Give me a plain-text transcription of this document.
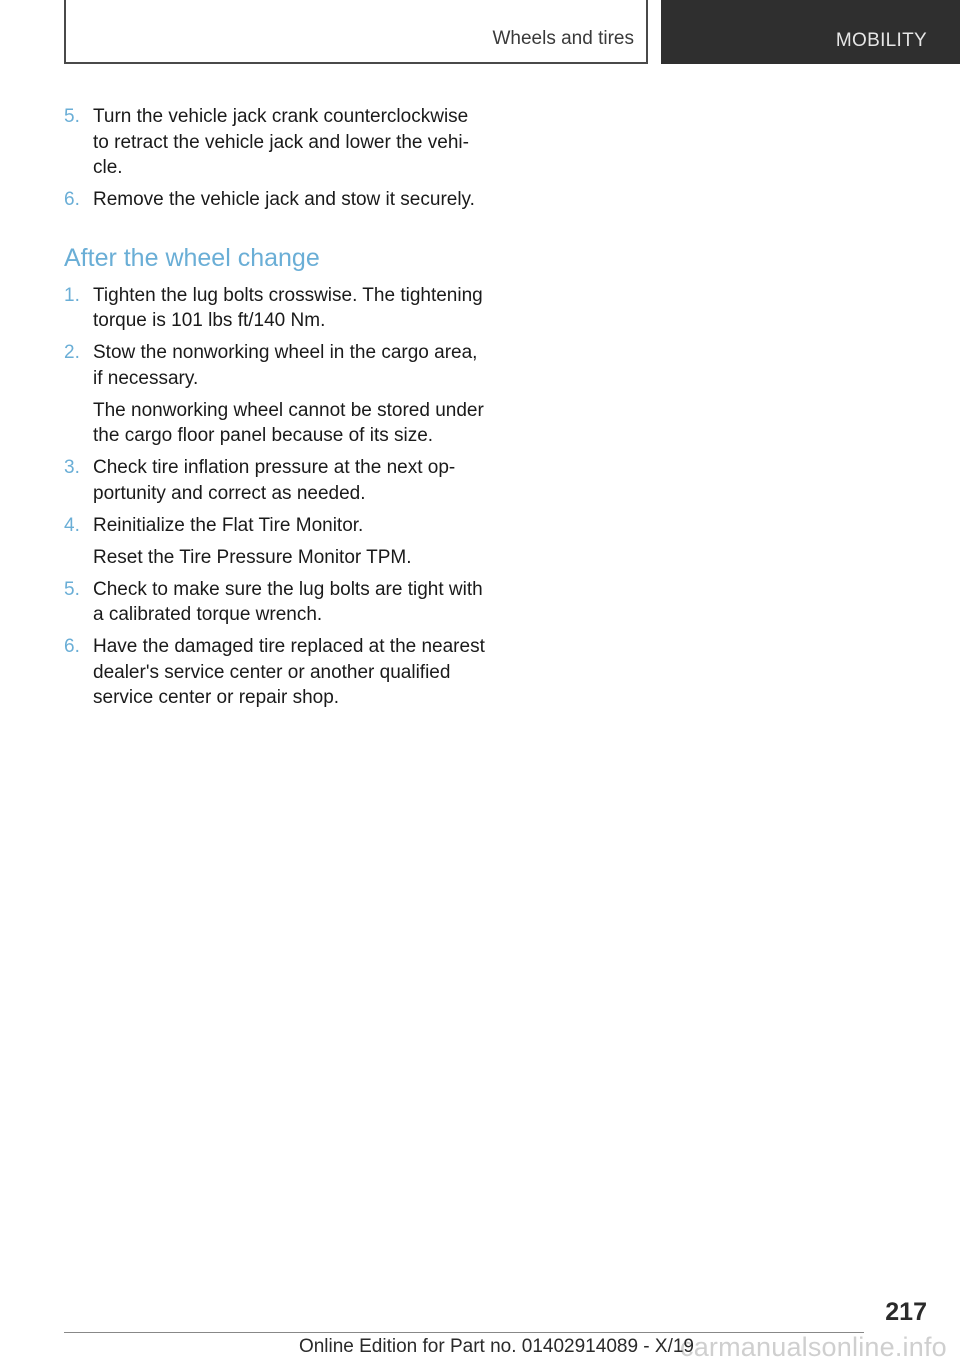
Wheels and tires	MOBILITY
5. Turn the vehicle jack crank counterclockwise to retract the vehicle jack and lower the vehicle.

6. Remove the vehicle jack and stow it securely.

After the wheel change
1. Tighten the lug bolts crosswise. The tightening torque is 101 lbs ft/140 Nm.

2. Stow the nonworking wheel in the cargo area, if necessary.

The nonworking wheel cannot be stored under the cargo floor panel because of its size.

3. Check tire inflation pressure at the next opportunity and correct as needed.

4. Reinitialize the Flat Tire Monitor.

Reset the Tire Pressure Monitor TPM.

5. Check to make sure the lug bolts are tight with a calibrated torque wrench.

6. Have the damaged tire replaced at the nearest dealer's service center or another qualified service center or repair shop.

217
carmanualsonline.info
Online Edition for Part no. 01402914089 - X/19
